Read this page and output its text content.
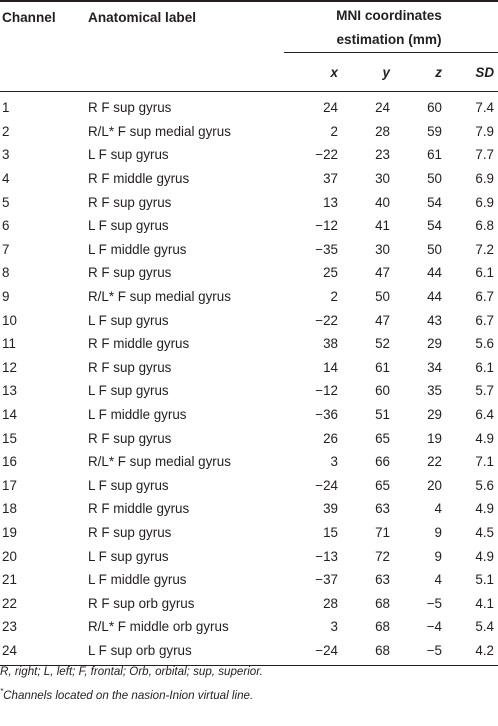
Channel	Anatomical label	MNI coordinates
estimation (mm)			
		x	y	z	SD
1	R F sup gyrus	24	24	60	7.4
2	R/L* F sup medial gyrus	2	28	59	7.9
3	L F sup gyrus	−22	23	61	7.7
4	R F middle gyrus	37	30	50	6.9
5	R F sup gyrus	13	40	54	6.9
6	L F sup gyrus	−12	41	54	6.8
7	L F middle gyrus	−35	30	50	7.2
8	R F sup gyrus	25	47	44	6.1
9	R/L* F sup medial gyrus	2	50	44	6.7
10	L F sup gyrus	−22	47	43	6.7
11	R F middle gyrus	38	52	29	5.6
12	R F sup gyrus	14	61	34	6.1
13	L F sup gyrus	−12	60	35	5.7
14	L F middle gyrus	−36	51	29	6.4
15	R F sup gyrus	26	65	19	4.9
16	R/L* F sup medial gyrus	3	66	22	7.1
17	L F sup gyrus	−24	65	20	5.6
18	R F middle gyrus	39	63	4	4.9
19	R F sup gyrus	15	71	9	4.5
20	L F sup gyrus	−13	72	9	4.9
21	L F middle gyrus	−37	63	4	5.1
22	R F sup orb gyrus	28	68	−5	4.1
23	R/L* F middle orb gyrus	3	68	−4	5.4
24	L F sup orb gyrus	−24	68	−5	4.2
R, right; L, left; F, frontal; Orb, orbital; sup, superior.
*Channels located on the nasion-Inion virtual line.
